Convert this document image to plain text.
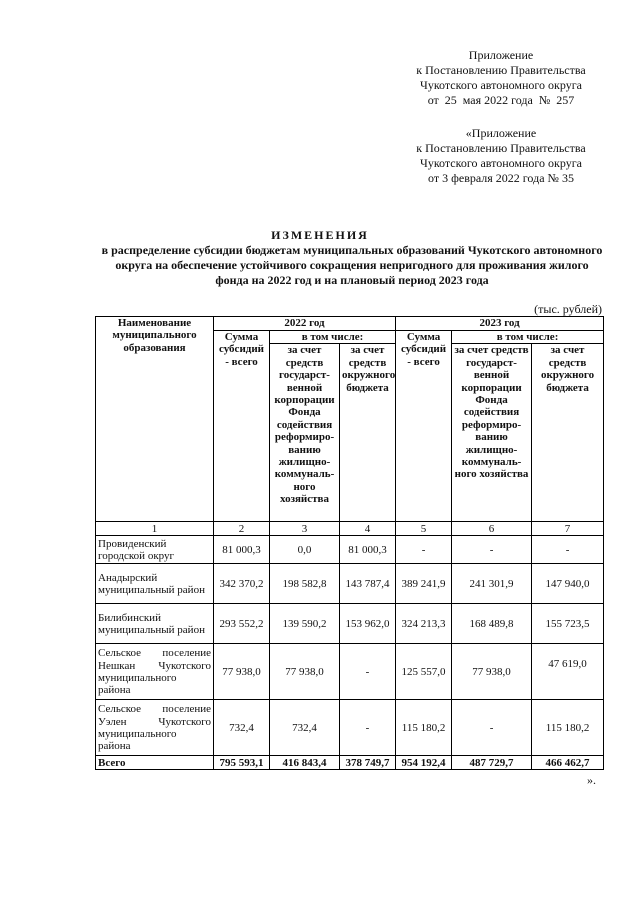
Приложение
к Постановлению Правительства
Чукотского автономного округа
от  25  мая 2022 года  №  257
«Приложение
к Постановлению Правительства
Чукотского автономного округа
от 3 февраля 2022 года № 35
ИЗМЕНЕНИЯ
в распределение субсидии бюджетам муниципальных образований Чукотского автономного округа на обеспечение устойчивого сокращения непригодного для проживания жилого фонда на 2022 год и на плановый период 2023 года
(тыс. рублей)
Наименование муниципального образования	2022 год			2023 год		
	Сумма субсидий - всего	в том числе:		Сумма субсидий - всего	в том числе:	
		за счет средств государст-венной корпорации Фонда содействия реформиро-ванию жилищно-коммуналь-ного хозяйства	за счет средств окружного бюджета		за счет средств государст-венной корпорации Фонда содействия реформиро-ванию жилищно-коммуналь-ного хозяйства	за счет средств окружного бюджета
1	2	3	4	5	6	7
Провиденский городской округ	81 000,3	0,0	81 000,3	-	-	-
Анадырский муниципальный район	342 370,2	198 582,8	143 787,4	389 241,9	241 301,9	147 940,0
Билибинский муниципальный район	293 552,2	139 590,2	153 962,0	324 213,3	168 489,8	155 723,5
Сельское поселение Нешкан Чукотского муниципального района	77 938,0	77 938,0	-	125 557,0	77 938,0	47 619,0
Сельское поселение Уэлен Чукотского муниципального района	732,4	732,4	-	115 180,2	-	115 180,2
Всего	795 593,1	416 843,4	378 749,7	954 192,4	487 729,7	466 462,7
».
